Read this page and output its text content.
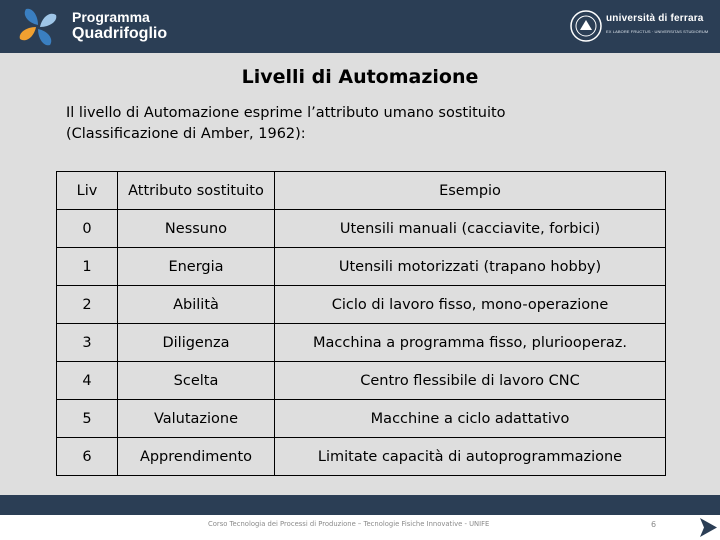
Programma
Quadrifoglio
università di ferrara
EX LABORE FRUCTUS · UNIVERSITAS STUDIORUM
Livelli di Automazione
Il livello di Automazione esprime l’attributo umano sostituito
(Classificazione di Amber, 1962):
Liv	Attributo sostituito	Esempio
0	Nessuno	Utensili manuali (cacciavite, forbici)
1	Energia	Utensili motorizzati (trapano hobby)
2	Abilità	Ciclo di lavoro fisso, mono-operazione
3	Diligenza	Macchina a programma fisso, pluriooperaz.
4	Scelta	Centro flessibile di lavoro CNC
5	Valutazione	Macchine a ciclo adattativo
6	Apprendimento	Limitate capacità di autoprogrammazione
Corso Tecnologia dei Processi di Produzione – Tecnologie Fisiche Innovative - UNIFE	6
